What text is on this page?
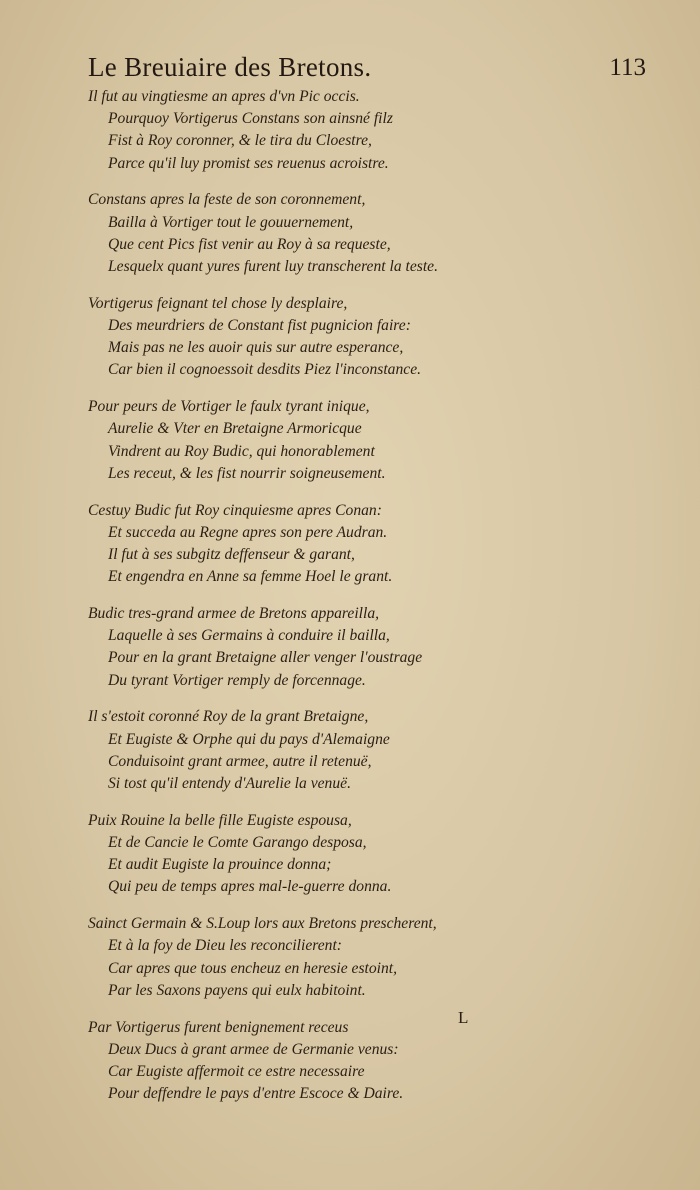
Le Breuiaire des Bretons.	113
Il fut au vingtiesme an apres d'vn Pic occis.
Pourquoy Vortigerus Constans son ainsné filz
Fist à Roy coronner, & le tira du Cloestre,
Parce qu'il luy promist ses reuenus acroistre.
Constans apres la feste de son coronnement,
Bailla à Vortiger tout le gouuernement,
Que cent Pics fist venir au Roy à sa requeste,
Lesquelx quant yures furent luy transcherent la teste.
Vortigerus feignant tel chose ly desplaire,
Des meurdriers de Constant fist pugnicion faire:
Mais pas ne les auoir quis sur autre esperance,
Car bien il cognoessoit desdits Piez l'inconstance.
Pour peurs de Vortiger le faulx tyrant inique,
Aurelie & Vter en Bretaigne Armoricque
Vindrent au Roy Budic, qui honorablement
Les receut, & les fist nourrir soigneusement.
Cestuy Budic fut Roy cinquiesme apres Conan:
Et succeda au Regne apres son pere Audran.
Il fut à ses subgitz deffenseur & garant,
Et engendra en Anne sa femme Hoel le grant.
Budic tres-grand armee de Bretons appareilla,
Laquelle à ses Germains à conduire il bailla,
Pour en la grant Bretaigne aller venger l'oustrage
Du tyrant Vortiger remply de forcennage.
Il s'estoit coronné Roy de la grant Bretaigne,
Et Eugiste & Orphe qui du pays d'Alemaigne
Conduisoint grant armee, autre il retenuë,
Si tost qu'il entendy d'Aurelie la venuë.
Puix Rouine la belle fille Eugiste espousa,
Et de Cancie le Comte Garango desposa,
Et audit Eugiste la prouince donna;
Qui peu de temps apres mal-le-guerre donna.
Sainct Germain & S.Loup lors aux Bretons prescherent,
Et à la foy de Dieu les reconcilierent:
Car apres que tous encheuz en heresie estoint,
Par les Saxons payens qui eulx habitoint.
Par Vortigerus furent benignement receus
Deux Ducs à grant armee de Germanie venus:
Car Eugiste affermoit ce estre necessaire
Pour deffendre le pays d'entre Escoce & Daire.
L
